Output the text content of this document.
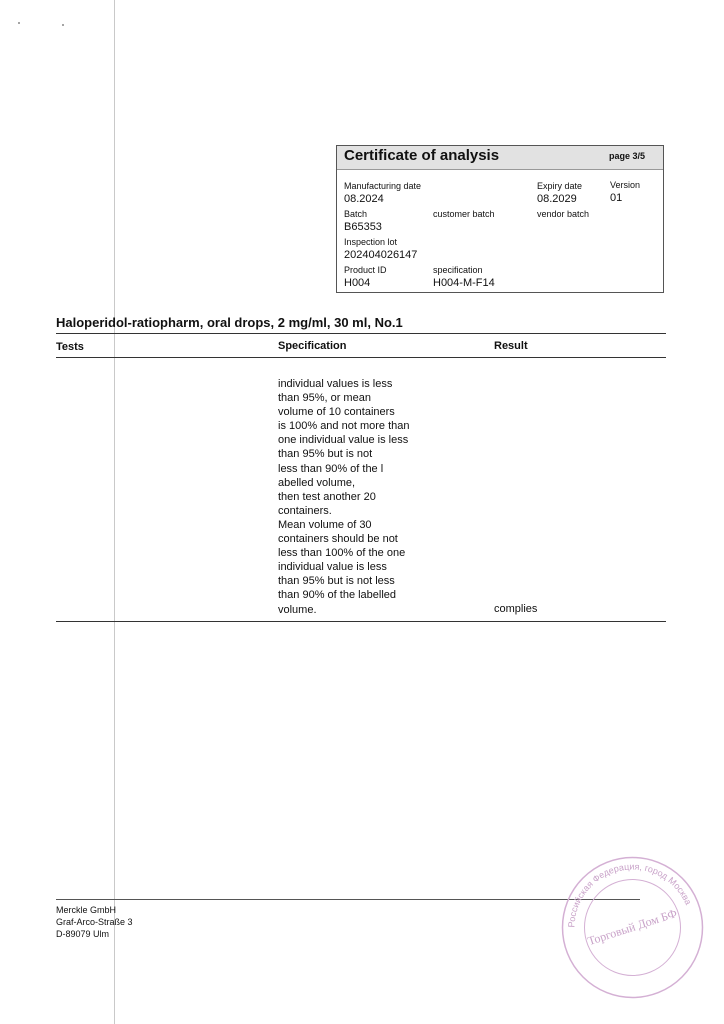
Certificate of analysis	page 3/5
Manufacturing date
08.2024
Expiry date
08.2029
Version
01
Batch
B65353
customer batch	vendor batch
Inspection lot
202404026147
Product ID
H004
specification
H004-M-F14
Haloperidol-ratiopharm, oral drops, 2 mg/ml, 30 ml, No.1
Tests	Specification	Result
individual values is less
than 95%, or mean
volume of 10 containers
is 100% and not more than
one individual value is less
than 95% but is not
less than 90% of the l
abelled volume,
then test another 20
containers.
Mean volume of 30
containers should be not
less than 100% of the one
individual value is less
than 95% but is not less
than 90% of the labelled
volume.	complies
Merckle GmbH
Graf-Arco-Straße 3
D-89079 Ulm
Российская Федерация, город Москва
Торговый Дом БФ
